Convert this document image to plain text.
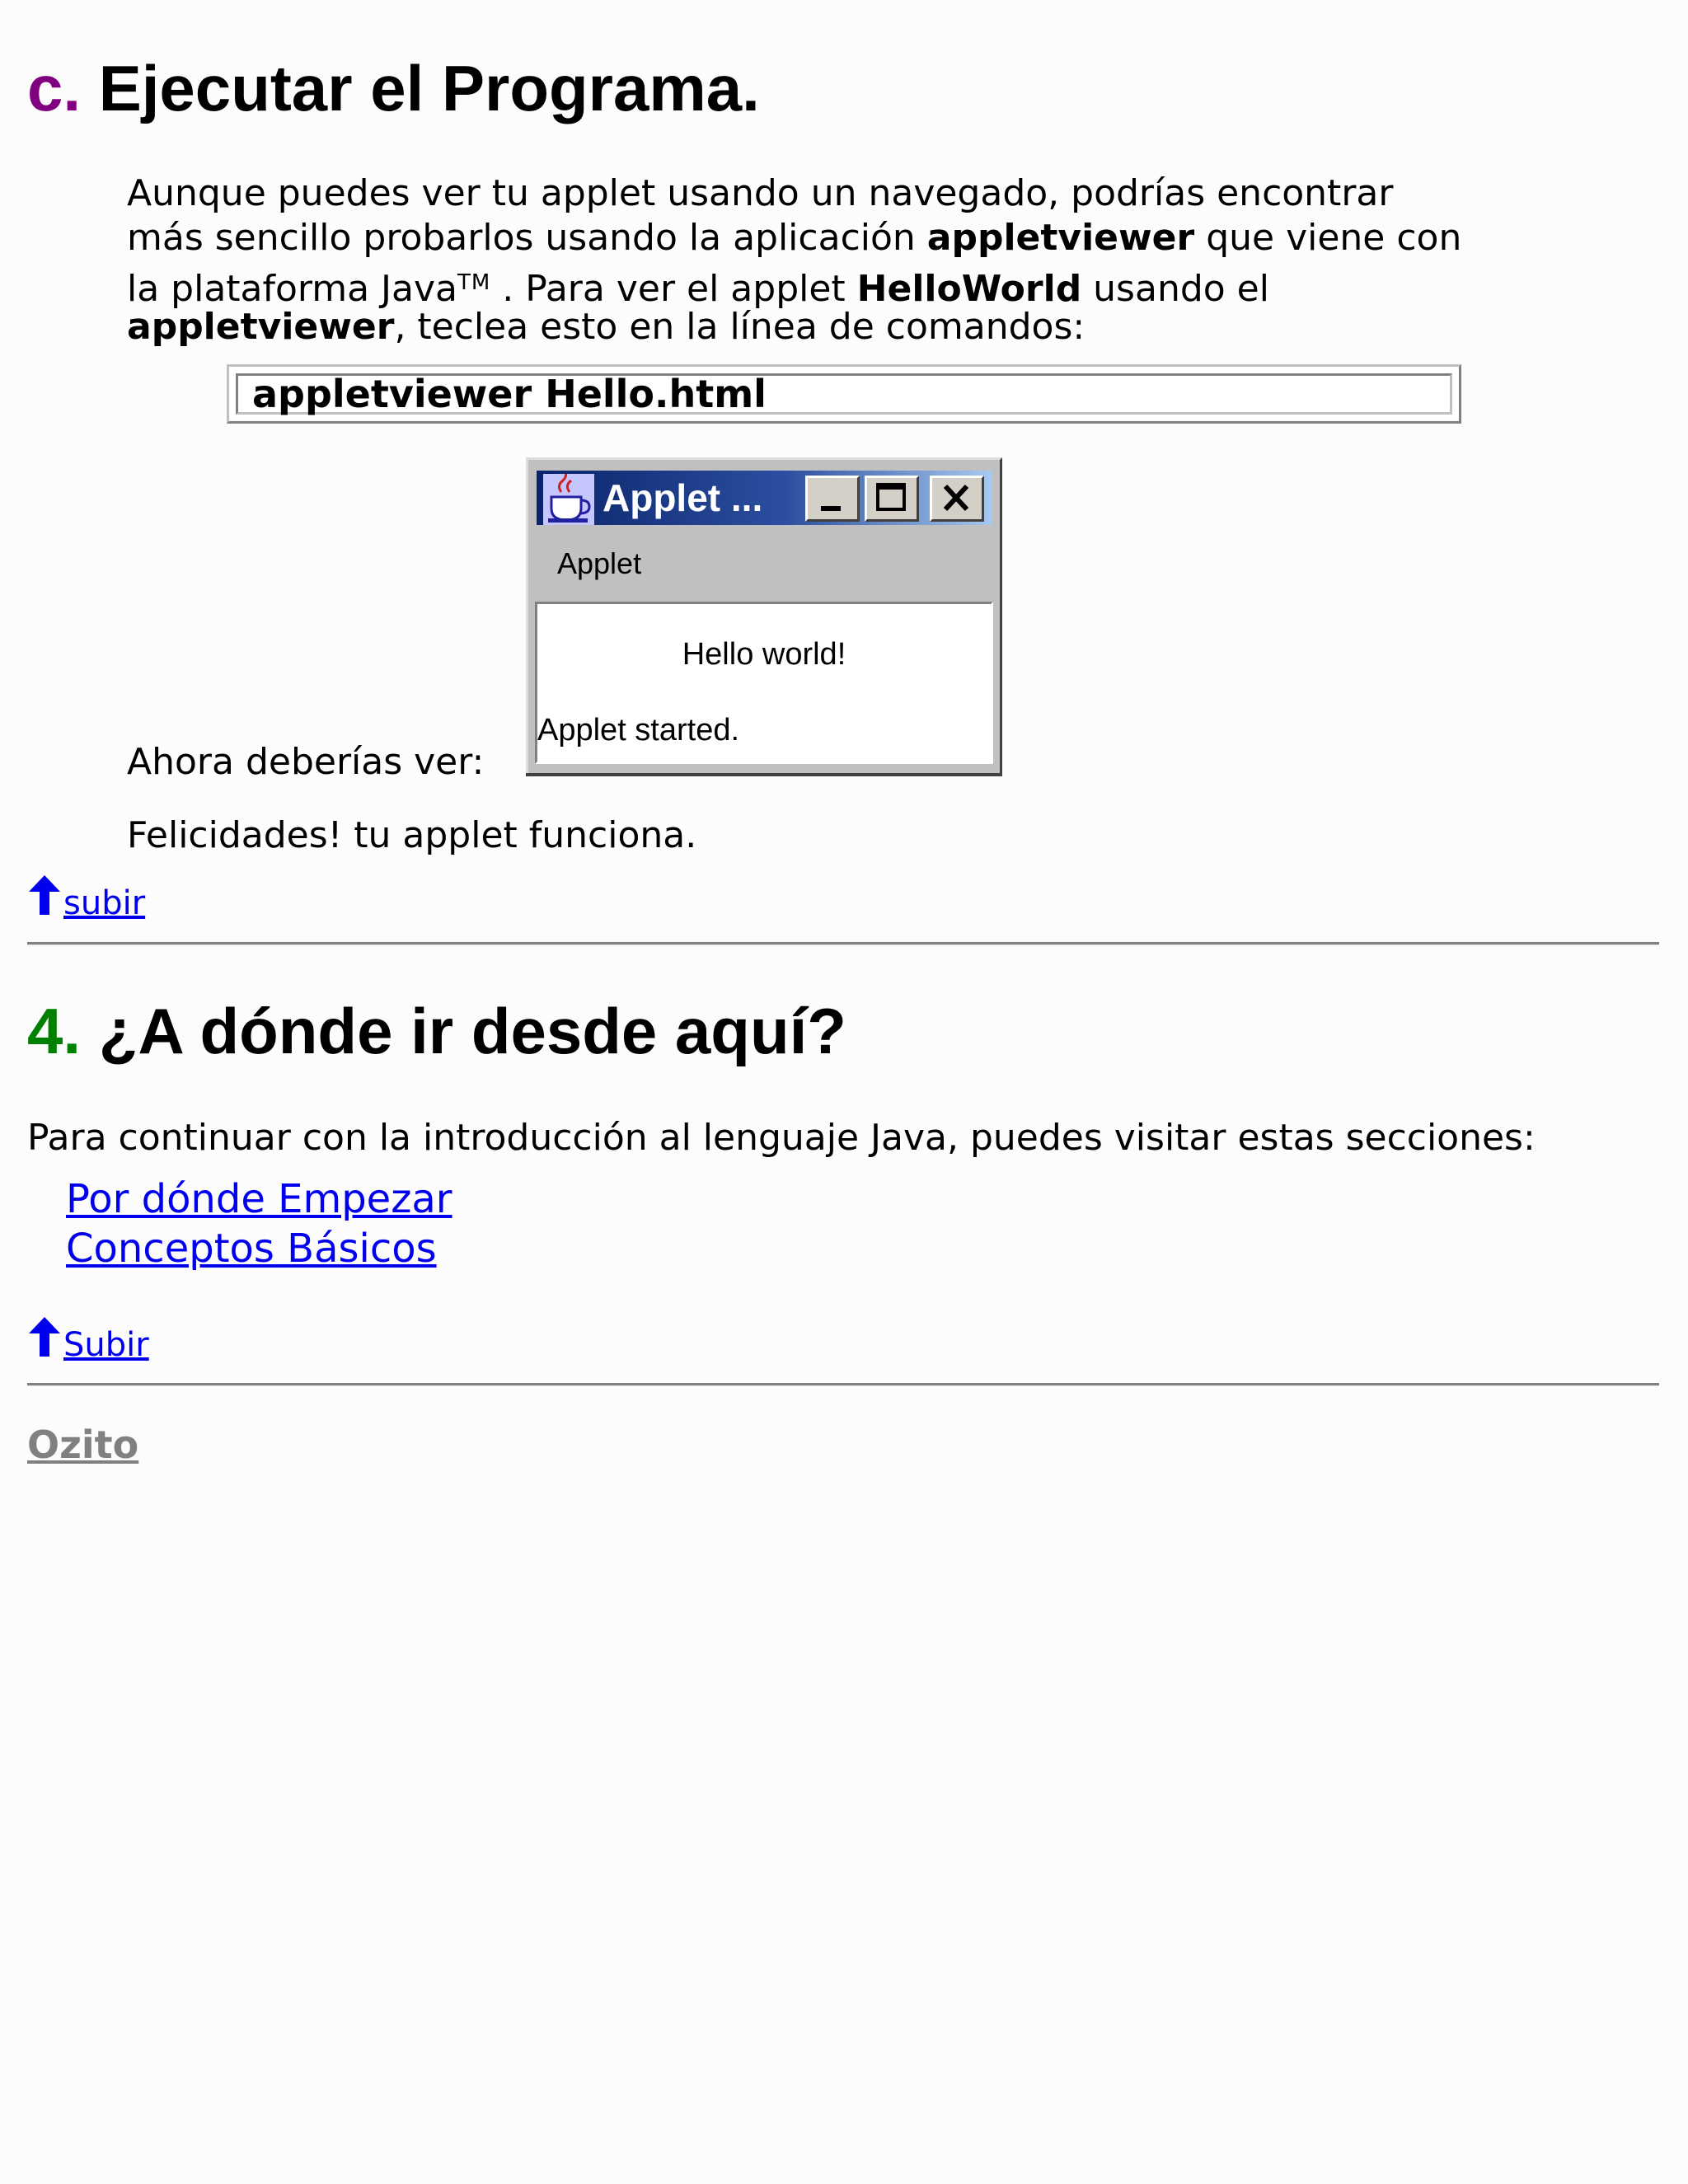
c. Ejecutar el Programa.

Aunque puedes ver tu applet usando un navegado, podrías encontrar

más sencillo probarlos usando la aplicación appletviewer que viene con

la plataforma Java™ . Para ver el applet HelloWorld usando el

appletviewer, teclea esto en la línea de comandos:

appletviewer Hello.html
Applet ...
Applet
Hello world!
Applet started.

Ahora deberías ver:

Felicidades! tu applet funciona.

subir
4. ¿A dónde ir desde aquí?

Para continuar con la introducción al lenguaje Java, puedes visitar estas secciones:

Por dónde Empezar
Conceptos Básicos
Subir
Ozito
